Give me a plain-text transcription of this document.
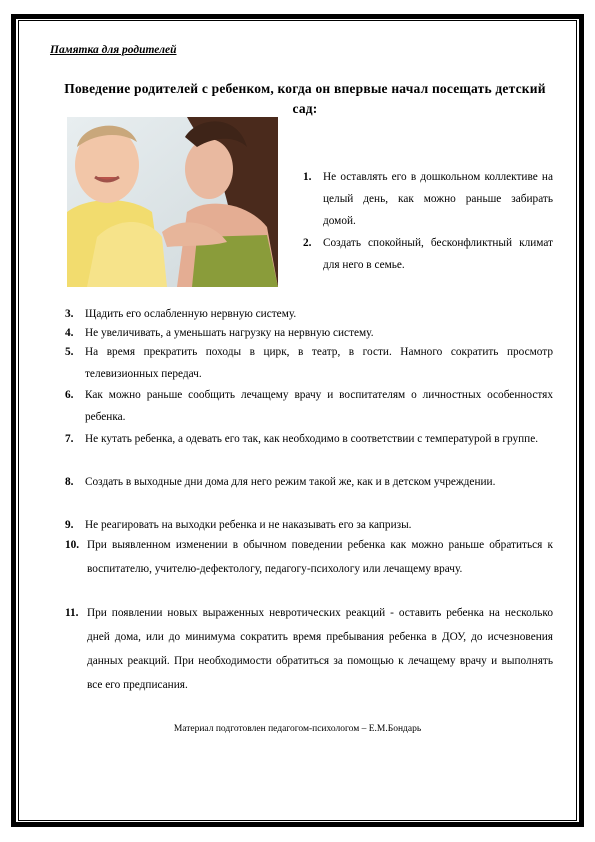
Памятка для родителей
Поведение родителей с ребенком, когда он впервые начал посещать детский сад:
1.	Не оставлять его в дошкольном коллективе на целый день, как можно раньше забирать домой.
2.	Создать спокойный, бесконфликтный климат для него в семье.
3.	Щадить его ослабленную нервную систему.
4.	Не увеличивать, а уменьшать нагрузку на нервную систему.
5.	На время прекратить походы в цирк, в театр, в гости. Намного сократить просмотр телевизионных передач.
6.	Как можно раньше сообщить лечащему врачу и воспитателям о личностных особенностях ребенка.
7.	Не кутать ребенка, а одевать его так, как необходимо в соответствии с температурой в группе.
8.	Создать в выходные дни дома для него режим такой же, как и в детском учреждении.
9.	Не реагировать на выходки ребенка и не наказывать его за капризы.
10. При выявленном изменении в обычном поведении ребенка как можно раньше обратиться к воспитателю, учителю-дефектологу, педагогу-психологу или лечащему врачу.
11. При появлении новых выраженных невротических реакций - оставить ребенка на несколько дней дома, или до минимума сократить время пребывания ребенка в ДОУ, до исчезновения данных реакций. При необходимости обратиться за помощью к лечащему врачу и выполнять все его предписания.
Материал подготовлен педагогом-психологом – Е.М.Бондарь
